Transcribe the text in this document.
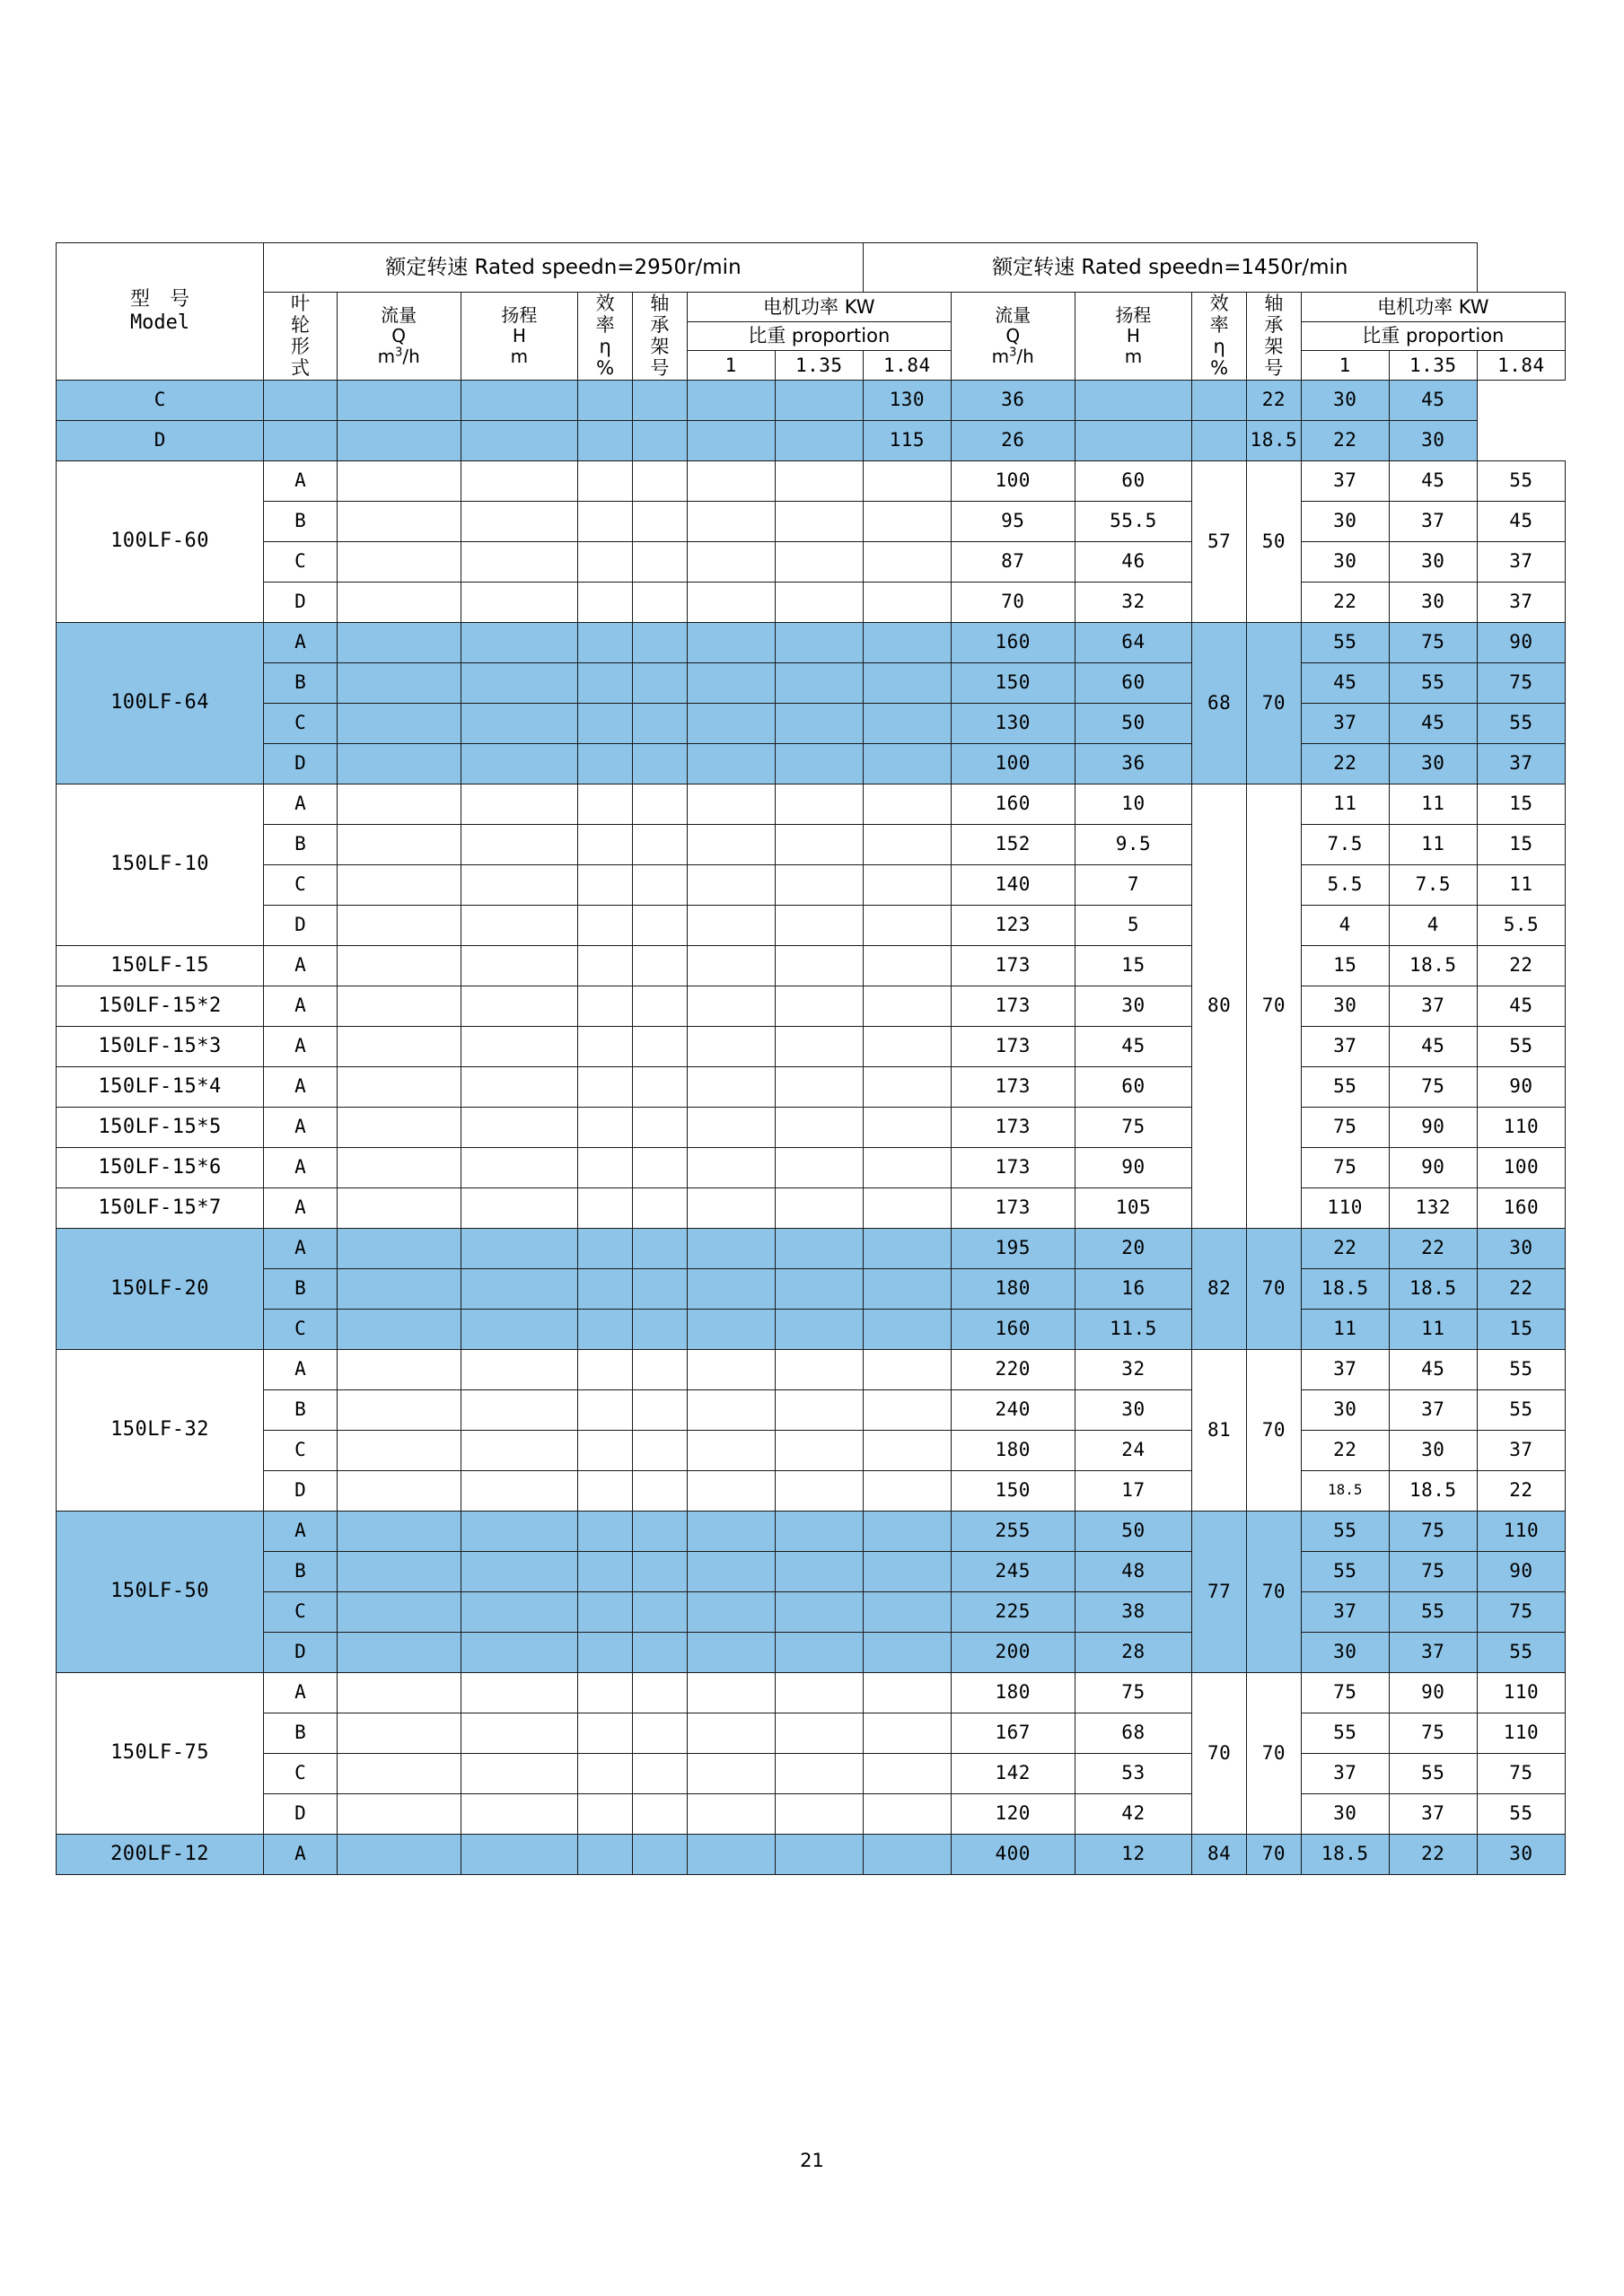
型　号
Model	额定转速 Rated speedn=2950r/min							额定转速 Rated speedn=1450r/min							
	叶
轮
形
式	流量
Q
$m^3/h$	扬程
H
m	效
率
η
%	轴
承
架
号	电机功率 KW			流量
Q
$m^3/h$	扬程
H
m	效
率
η
%	轴
承
架
号	电机功率 KW		
						比重 proportion							比重 proportion		
						1	1.35	1.84					1	1.35	1.84
C								130	36			22	30	45	
D								115	26			18.5	22	30	
100LF-60	A								100	60	57	50	37	45	55
	B								95	55.5			30	37	45
	C								87	46			30	30	37
	D								70	32			22	30	37
100LF-64	A								160	64	68	70	55	75	90
	B								150	60			45	55	75
	C								130	50			37	45	55
	D								100	36			22	30	37
150LF-10	A								160	10	80	70	11	11	15
	B								152	9.5			7.5	11	15
	C								140	7			5.5	7.5	11
	D								123	5			4	4	5.5
150LF-15	A								173	15			15	18.5	22
150LF-15*2	A								173	30			30	37	45
150LF-15*3	A								173	45			37	45	55
150LF-15*4	A								173	60			55	75	90
150LF-15*5	A								173	75			75	90	110
150LF-15*6	A								173	90			75	90	100
150LF-15*7	A								173	105			110	132	160
150LF-20	A								195	20	82	70	22	22	30
	B								180	16			18.5	18.5	22
	C								160	11.5			11	11	15
150LF-32	A								220	32	81	70	37	45	55
	B								240	30			30	37	55
	C								180	24			22	30	37
	D								150	17			18.5	18.5	22
150LF-50	A								255	50	77	70	55	75	110
	B								245	48			55	75	90
	C								225	38			37	55	75
	D								200	28			30	37	55
150LF-75	A								180	75	70	70	75	90	110
	B								167	68			55	75	110
	C								142	53			37	55	75
	D								120	42			30	37	55
200LF-12	A								400	12	84	70	18.5	22	30
21
